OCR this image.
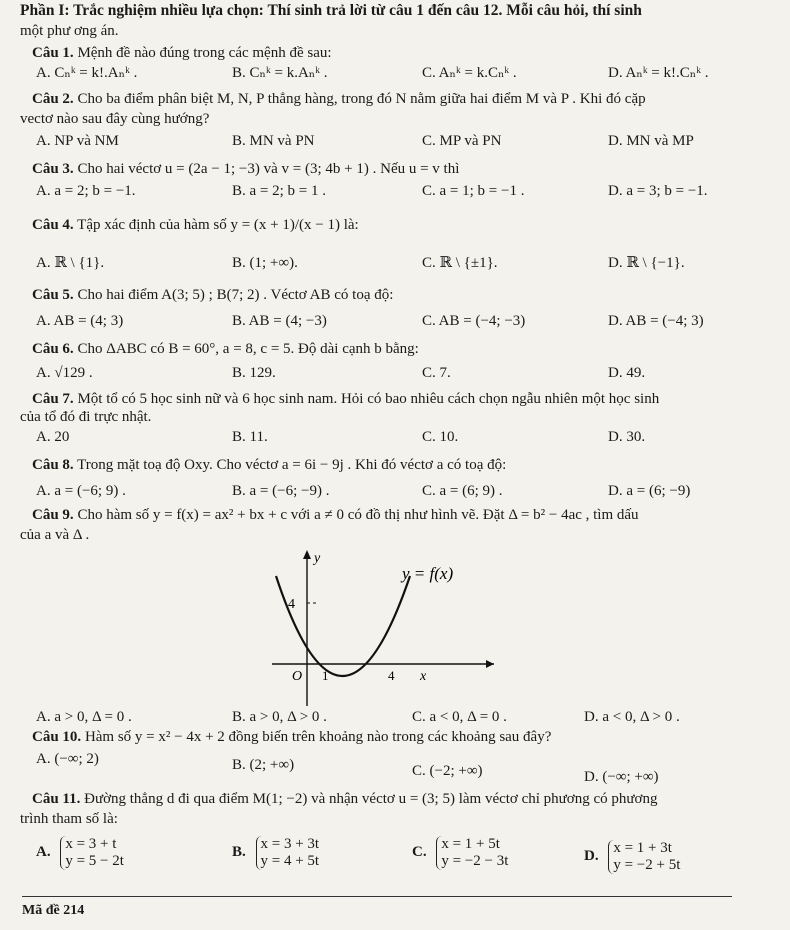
Phần I: Trắc nghiệm nhiều lựa chọn: Thí sinh trả lời từ câu 1 đến câu 12. Mỗi câu hỏi, thí sinh
một phư ơng án.
Câu 1. Mệnh đề nào đúng trong các mệnh đề sau:
A. Cₙᵏ = k!.Aₙᵏ .	B. Cₙᵏ = k.Aₙᵏ .	C. Aₙᵏ = k.Cₙᵏ .	D. Aₙᵏ = k!.Cₙᵏ .
Câu 2. Cho ba điểm phân biệt M, N, P thẳng hàng, trong đó N nằm giữa hai điểm M và P . Khi đó cặp
vectơ nào sau đây cùng hướng?
A. NP và NM	B. MN và PN	C. MP và PN	D. MN và MP
Câu 3. Cho hai véctơ u = (2a − 1; −3) và v = (3; 4b + 1) . Nếu u = v thì
A. a = 2; b = −1.	B. a = 2; b = 1 .	C. a = 1; b = −1 .	D. a = 3; b = −1.
Câu 4. Tập xác định của hàm số y = (x + 1)/(x − 1) là:
A. ℝ \ {1}.	B. (1; +∞).	C. ℝ \ {±1}.	D. ℝ \ {−1}.
Câu 5. Cho hai điểm A(3; 5) ; B(7; 2) . Véctơ AB có toạ độ:
A. AB = (4; 3)	B. AB = (4; −3)	C. AB = (−4; −3)	D. AB = (−4; 3)
Câu 6. Cho ΔABC có B = 60°, a = 8, c = 5. Độ dài cạnh b bằng:
A. √129 .	B. 129.	C. 7.	D. 49.
Câu 7. Một tổ có 5 học sinh nữ và 6 học sinh nam. Hỏi có bao nhiêu cách chọn ngẫu nhiên một học sinh
của tổ đó đi trực nhật.
A. 20	B. 11.	C. 10.	D. 30.
Câu 8. Trong mặt toạ độ Oxy. Cho véctơ a = 6i − 9j . Khi đó véctơ a có toạ độ:
A. a = (−6; 9) .	B. a = (−6; −9) .	C. a = (6; 9) .	D. a = (6; −9)
Câu 9. Cho hàm số y = f(x) = ax² + bx + c với a ≠ 0 có đồ thị như hình vẽ. Đặt Δ = b² − 4ac , tìm dấu
của a và Δ .
y
y = f(x)
4
O 1	4 x
A. a > 0, Δ = 0 .	B. a > 0, Δ > 0 .	C. a < 0, Δ = 0 .	D. a < 0, Δ > 0 .
Câu 10. Hàm số y = x² − 4x + 2 đồng biến trên khoảng nào trong các khoảng sau đây?
A. (−∞; 2)	B. (2; +∞)	C. (−2; +∞)	D. (−∞; +∞)
Câu 11. Đường thẳng d đi qua điểm M(1; −2) và nhận véctơ u = (3; 5) làm véctơ chỉ phương có phương
trình tham số là:
A. x = 3 + t
y = 5 − 2t
B. x = 3 + 3t
y = 4 + 5t
C. x = 1 + 5t
y = −2 − 3t	D. x = 1 + 3t
y = −2 + 5t
Mã đề 214
